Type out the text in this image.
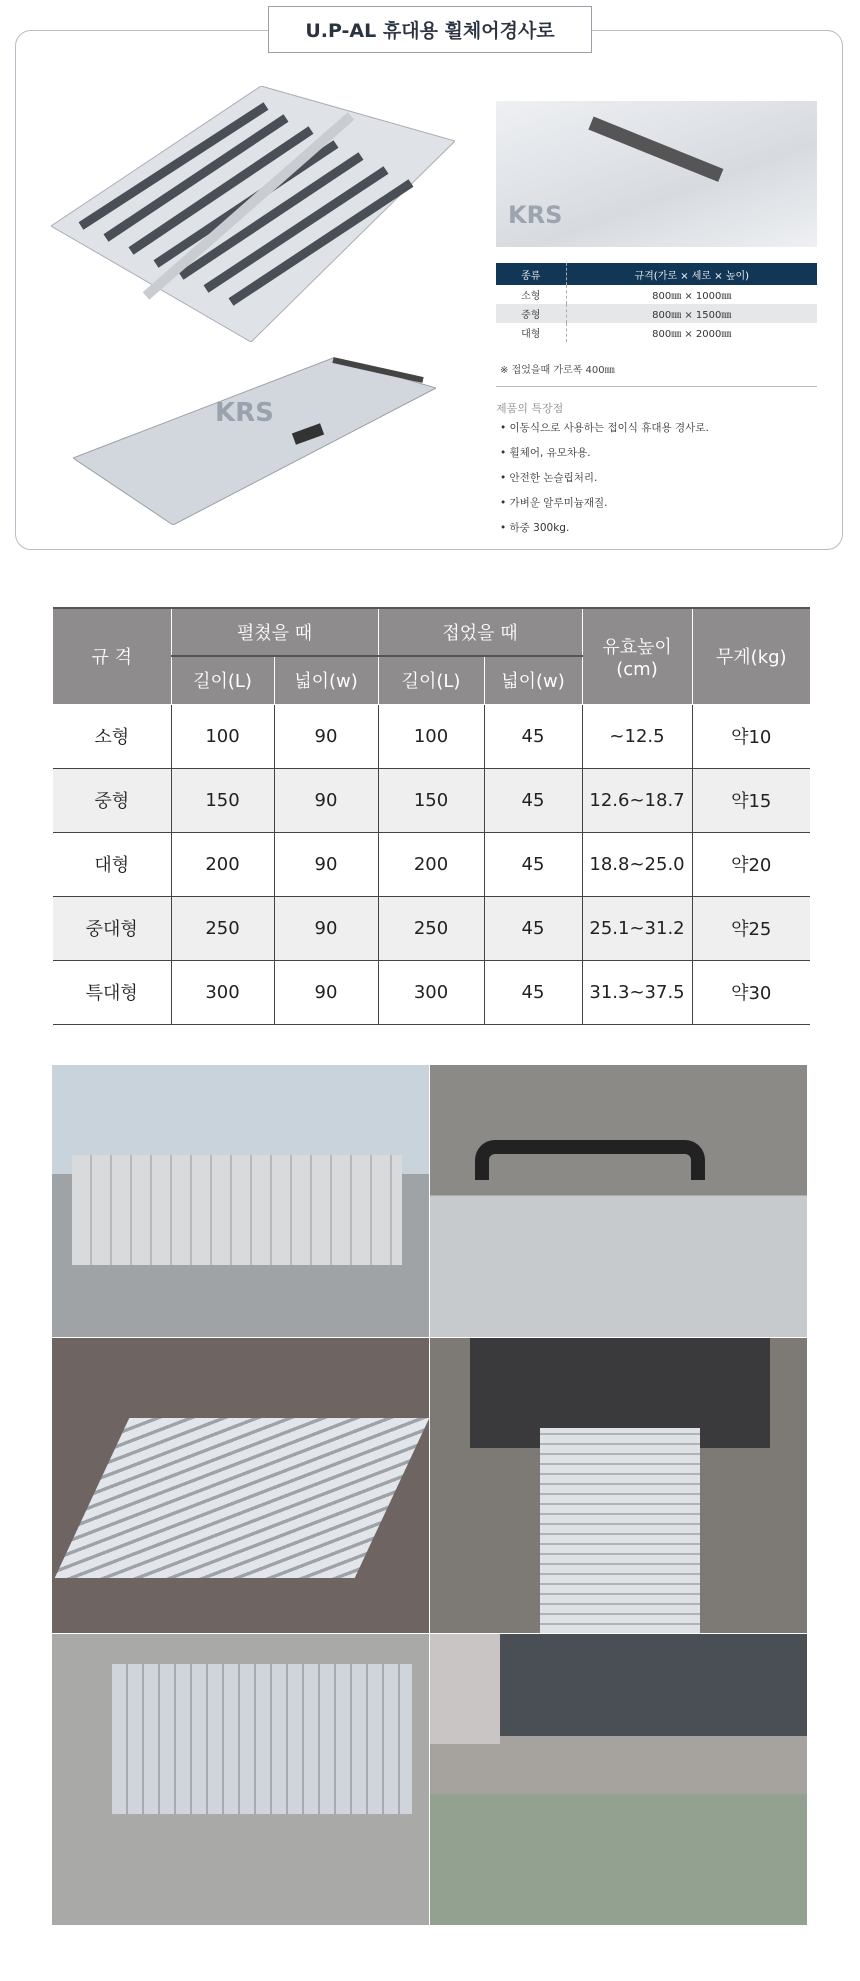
U.P-AL 휴대용 휠체어경사로
KRS
KRS
종류	규격(가로 × 세로 × 높이)
소형	800㎜ × 1000㎜
중형	800㎜ × 1500㎜
대형	800㎜ × 2000㎜
※ 접었을때 가로폭 400㎜
제품의 특장점
• 이동식으로 사용하는 접이식 휴대용 경사로.
• 휠체어, 유모차용.
• 안전한 논슬립처리.
• 가벼운 알루미늄재질.
• 하중 300kg.
규 격	펼쳤을 때		접었을 때		유효높이 (cm)	무게(kg)
	길이(L)	넓이(w)	길이(L)	넓이(w)		
소형	100	90	100	45	~12.5	약10
중형	150	90	150	45	12.6~18.7	약15
대형	200	90	200	45	18.8~25.0	약20
중대형	250	90	250	45	25.1~31.2	약25
특대형	300	90	300	45	31.3~37.5	약30
